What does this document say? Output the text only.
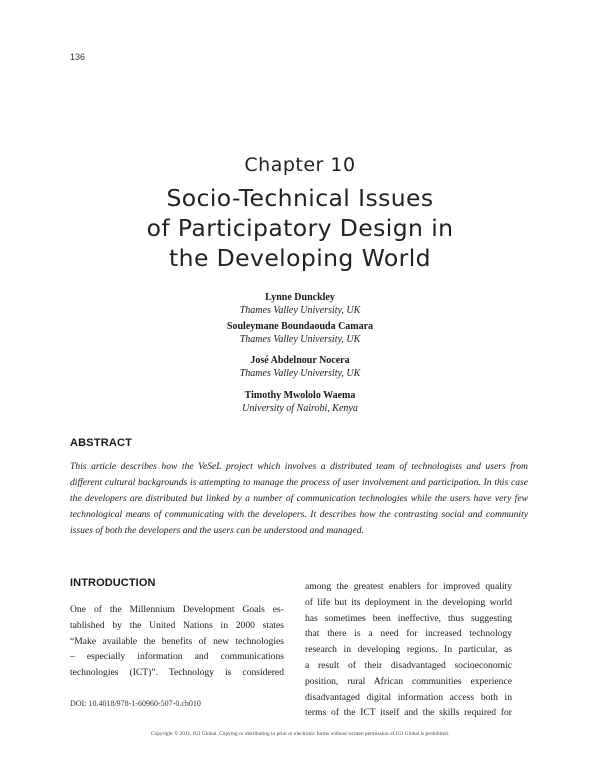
136
Chapter 10
Socio-Technical Issues
of Participatory Design in
the Developing World
Lynne Dunckley
Thames Valley University, UK
Souleymane Boundaouda Camara
Thames Valley University, UK
José Abdelnour Nocera
Thames Valley University, UK
Timothy Mwololo Waema
University of Nairobi, Kenya
ABSTRACT
This article describes how the VeSeL project which involves a distributed team of technologists and users from different cultural backgrounds is attempting to manage the process of user involvement and participation. In this case the developers are distributed but linked by a number of communication technologies while the users have very few technological means of communicating with the developers. It describes how the contrasting social and community issues of both the developers and the users can be understood and managed.
INTRODUCTION
One of the Millennium Development Goals es-
tablished by the United Nations in 2000 states
“Make available the benefits of new technologies
– especially information and communications
technologies (ICT)”. Technology is considered
among the greatest enablers for improved quality
of life but its deployment in the developing world
has sometimes been ineffective, thus suggesting
that there is a need for increased technology
research in developing regions. In particular, as
a result of their disadvantaged socioeconomic
position, rural African communities experience
disadvantaged digital information access both in
terms of the ICT itself and the skills required for
DOI: 10.4018/978-1-60960-507-0.ch010
Copyright © 2011, IGI Global. Copying or distributing in print or electronic forms without written permission of IGI Global is prohibited.
